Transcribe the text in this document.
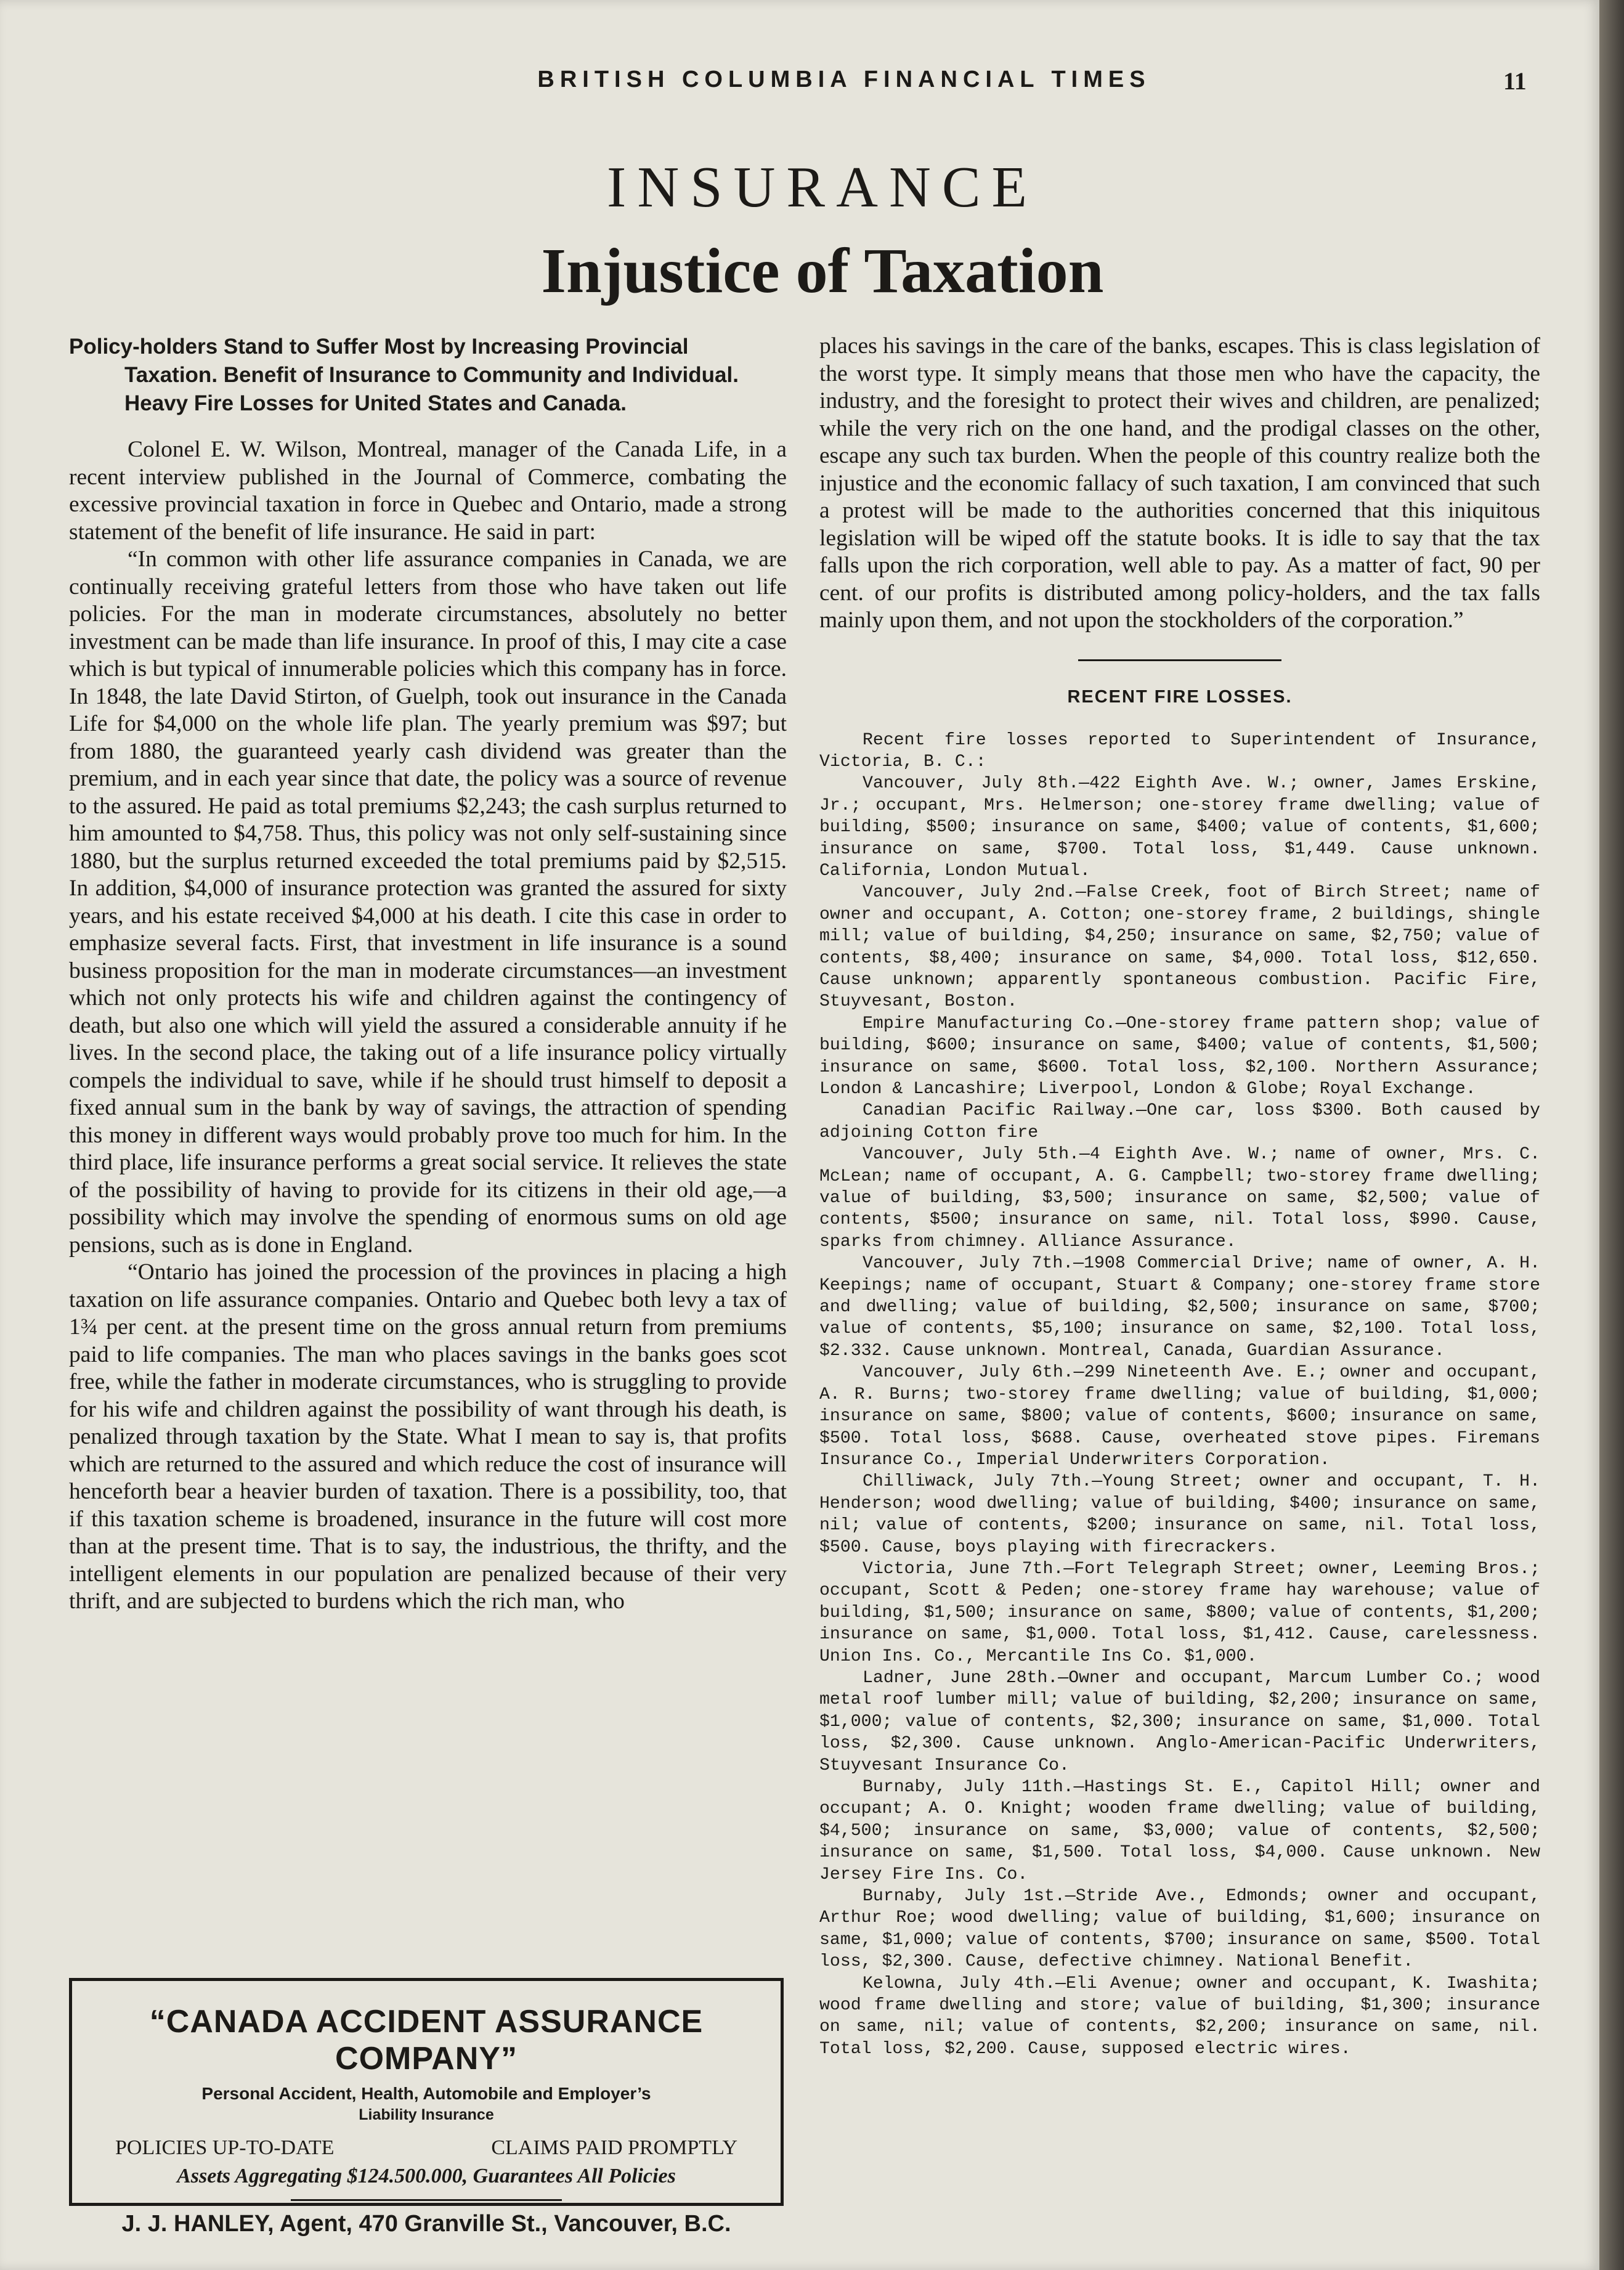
BRITISH COLUMBIA FINANCIAL TIMES	11
INSURANCE
Injustice of Taxation
Policy-holders Stand to Suffer Most by Increasing Provincial Taxation. Benefit of Insurance to Community and Individual. Heavy Fire Losses for United States and Canada.

Colonel E. W. Wilson, Montreal, manager of the Canada Life, in a recent interview published in the Journal of Commerce, combating the excessive provincial taxation in force in Quebec and Ontario, made a strong statement of the benefit of life insurance. He said in part:

“In common with other life assurance companies in Canada, we are continually receiving grateful letters from those who have taken out life policies. For the man in moderate circumstances, absolutely no better investment can be made than life insurance. In proof of this, I may cite a case which is but typical of innumerable policies which this company has in force. In 1848, the late David Stirton, of Guelph, took out insurance in the Canada Life for $4,000 on the whole life plan. The yearly premium was $97; but from 1880, the guaranteed yearly cash dividend was greater than the premium, and in each year since that date, the policy was a source of revenue to the assured. He paid as total premiums $2,243; the cash surplus returned to him amounted to $4,758. Thus, this policy was not only self-sustaining since 1880, but the surplus returned exceeded the total premiums paid by $2,515. In addition, $4,000 of insurance protection was granted the assured for sixty years, and his estate received $4,000 at his death. I cite this case in order to emphasize several facts. First, that investment in life insurance is a sound business proposition for the man in moderate circumstances—an investment which not only protects his wife and children against the contingency of death, but also one which will yield the assured a considerable annuity if he lives. In the second place, the taking out of a life insurance policy virtually compels the individual to save, while if he should trust himself to deposit a fixed annual sum in the bank by way of savings, the attraction of spending this money in different ways would probably prove too much for him. In the third place, life insurance performs a great social service. It relieves the state of the possibility of having to provide for its citizens in their old age,—a possibility which may involve the spending of enormous sums on old age pensions, such as is done in England.

“Ontario has joined the procession of the provinces in placing a high taxation on life assurance companies. Ontario and Quebec both levy a tax of 1¾ per cent. at the present time on the gross annual return from premiums paid to life companies. The man who places savings in the banks goes scot free, while the father in moderate circumstances, who is struggling to provide for his wife and children against the possibility of want through his death, is penalized through taxation by the State. What I mean to say is, that profits which are returned to the assured and which reduce the cost of insurance will henceforth bear a heavier burden of taxation. There is a possibility, too, that if this taxation scheme is broadened, insurance in the future will cost more than at the present time. That is to say, the industrious, the thrifty, and the intelligent elements in our population are penalized because of their very thrift, and are subjected to burdens which the rich man, who

“CANADA ACCIDENT ASSURANCE COMPANY”
Personal Accident, Health, Automobile and Employer’s
Liability Insurance
POLICIES UP-TO-DATE	CLAIMS PAID PROMPTLY
Assets Aggregating $124.500.000, Guarantees All Policies
J. J. HANLEY, Agent, 470 Granville St., Vancouver, B.C.

places his savings in the care of the banks, escapes. This is class legislation of the worst type. It simply means that those men who have the capacity, the industry, and the foresight to protect their wives and children, are penalized; while the very rich on the one hand, and the prodigal classes on the other, escape any such tax burden. When the people of this country realize both the injustice and the economic fallacy of such taxation, I am convinced that such a protest will be made to the authorities concerned that this iniquitous legislation will be wiped off the statute books. It is idle to say that the tax falls upon the rich corporation, well able to pay. As a matter of fact, 90 per cent. of our profits is distributed among policy-holders, and the tax falls mainly upon them, and not upon the stockholders of the corporation.”

RECENT FIRE LOSSES.

Recent fire losses reported to Superintendent of Insurance, Victoria, B. C.:

Vancouver, July 8th.—422 Eighth Ave. W.; owner, James Erskine, Jr.; occupant, Mrs. Helmerson; one-storey frame dwelling; value of building, $500; insurance on same, $400; value of contents, $1,600; insurance on same, $700. Total loss, $1,449. Cause unknown. California, London Mutual.

Vancouver, July 2nd.—False Creek, foot of Birch Street; name of owner and occupant, A. Cotton; one-storey frame, 2 buildings, shingle mill; value of building, $4,250; insurance on same, $2,750; value of contents, $8,400; insurance on same, $4,000. Total loss, $12,650. Cause unknown; apparently spontaneous combustion. Pacific Fire, Stuyvesant, Boston.

Empire Manufacturing Co.—One-storey frame pattern shop; value of building, $600; insurance on same, $400; value of contents, $1,500; insurance on same, $600. Total loss, $2,100. Northern Assurance; London & Lancashire; Liverpool, London & Globe; Royal Exchange.

Canadian Pacific Railway.—One car, loss $300. Both caused by adjoining Cotton fire

Vancouver, July 5th.—4 Eighth Ave. W.; name of owner, Mrs. C. McLean; name of occupant, A. G. Campbell; two-storey frame dwelling; value of building, $3,500; insurance on same, $2,500; value of contents, $500; insurance on same, nil. Total loss, $990. Cause, sparks from chimney. Alliance Assurance.

Vancouver, July 7th.—1908 Commercial Drive; name of owner, A. H. Keepings; name of occupant, Stuart & Company; one-storey frame store and dwelling; value of building, $2,500; insurance on same, $700; value of contents, $5,100; insurance on same, $2,100. Total loss, $2.332. Cause unknown. Montreal, Canada, Guardian Assurance.

Vancouver, July 6th.—299 Nineteenth Ave. E.; owner and occupant, A. R. Burns; two-storey frame dwelling; value of building, $1,000; insurance on same, $800; value of contents, $600; insurance on same, $500. Total loss, $688. Cause, overheated stove pipes. Firemans Insurance Co., Imperial Underwriters Corporation.

Chilliwack, July 7th.—Young Street; owner and occupant, T. H. Henderson; wood dwelling; value of building, $400; insurance on same, nil; value of contents, $200; insurance on same, nil. Total loss, $500. Cause, boys playing with firecrackers.

Victoria, June 7th.—Fort Telegraph Street; owner, Leeming Bros.; occupant, Scott & Peden; one-storey frame hay warehouse; value of building, $1,500; insurance on same, $800; value of contents, $1,200; insurance on same, $1,000. Total loss, $1,412. Cause, carelessness. Union Ins. Co., Mercantile Ins Co. $1,000.

Ladner, June 28th.—Owner and occupant, Marcum Lumber Co.; wood metal roof lumber mill; value of building, $2,200; insurance on same, $1,000; value of contents, $2,300; insurance on same, $1,000. Total loss, $2,300. Cause unknown. Anglo-American-Pacific Underwriters, Stuyvesant Insurance Co.

Burnaby, July 11th.—Hastings St. E., Capitol Hill; owner and occupant; A. O. Knight; wooden frame dwelling; value of building, $4,500; insurance on same, $3,000; value of contents, $2,500; insurance on same, $1,500. Total loss, $4,000. Cause unknown. New Jersey Fire Ins. Co.

Burnaby, July 1st.—Stride Ave., Edmonds; owner and occupant, Arthur Roe; wood dwelling; value of building, $1,600; insurance on same, $1,000; value of contents, $700; insurance on same, $500. Total loss, $2,300. Cause, defective chimney. National Benefit.

Kelowna, July 4th.—Eli Avenue; owner and occupant, K. Iwashita; wood frame dwelling and store; value of building, $1,300; insurance on same, nil; value of contents, $2,200; insurance on same, nil. Total loss, $2,200. Cause, supposed electric wires.
